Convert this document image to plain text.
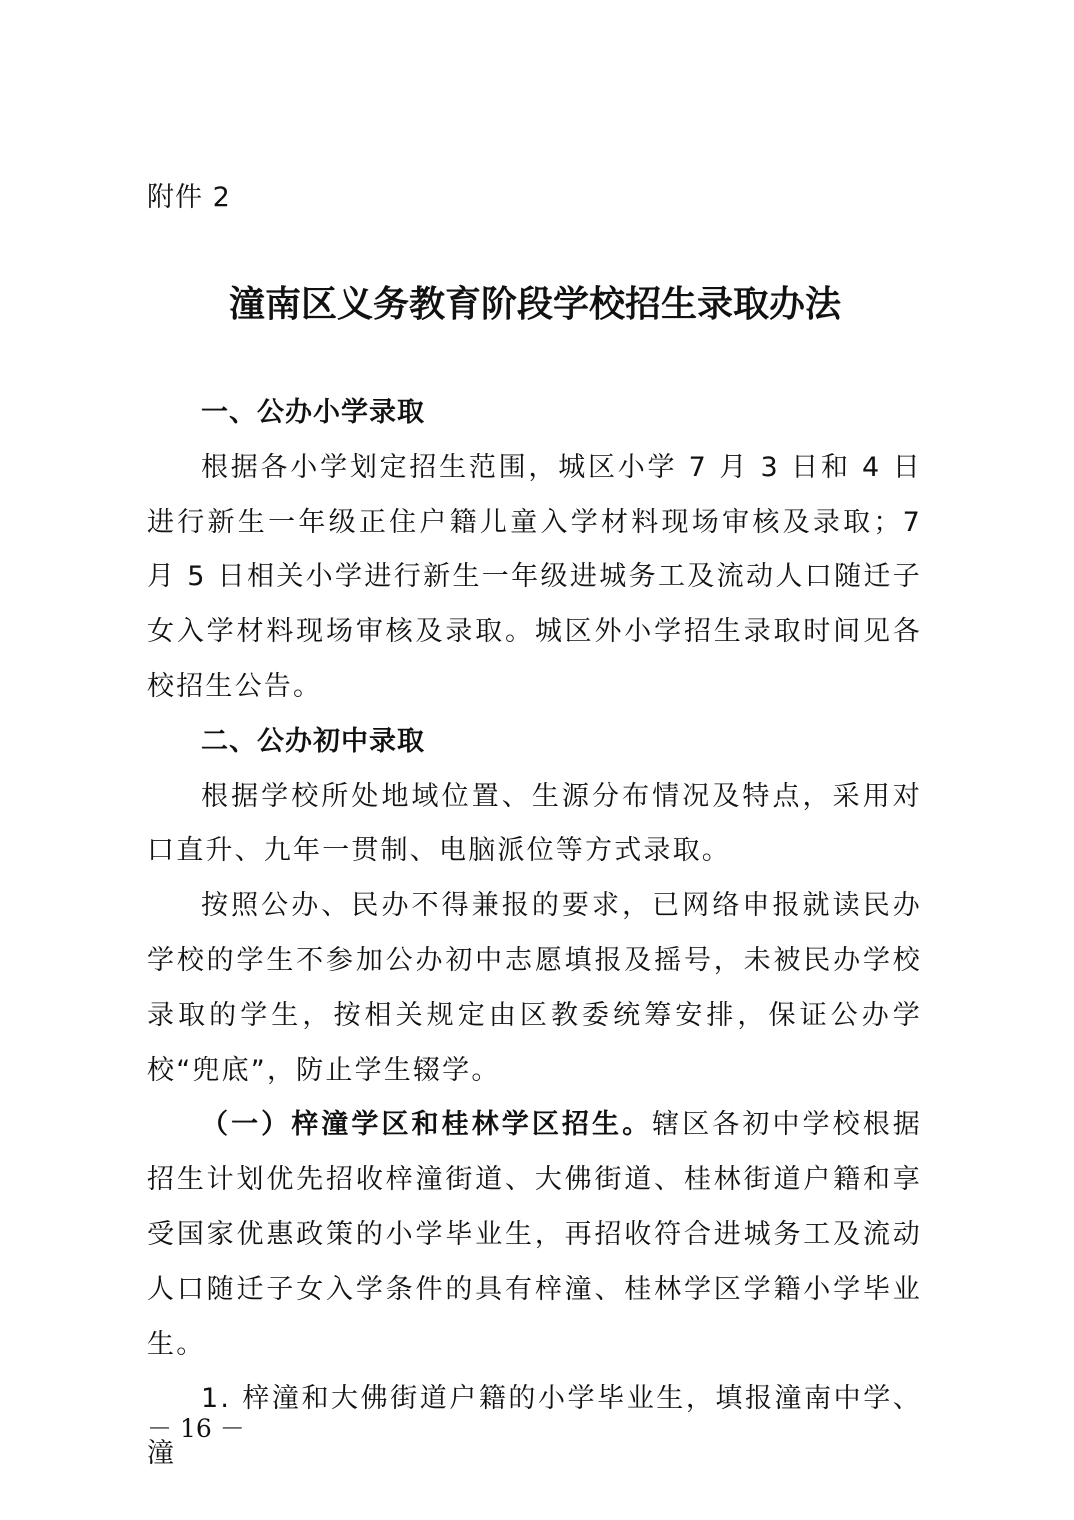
附件 2
潼南区义务教育阶段学校招生录取办法

一、公办小学录取

根据各小学划定招生范围，城区小学 7 月 3 日和 4 日进行新生一年级正住户籍儿童入学材料现场审核及录取；7 月 5 日相关小学进行新生一年级进城务工及流动人口随迁子女入学材料现场审核及录取。城区外小学招生录取时间见各校招生公告。

二、公办初中录取

根据学校所处地域位置、生源分布情况及特点，采用对口直升、九年一贯制、电脑派位等方式录取。

按照公办、民办不得兼报的要求，已网络申报就读民办学校的学生不参加公办初中志愿填报及摇号，未被民办学校录取的学生，按相关规定由区教委统筹安排，保证公办学校“兜底”，防止学生辍学。

（一）梓潼学区和桂林学区招生。辖区各初中学校根据招生计划优先招收梓潼街道、大佛街道、桂林街道户籍和享受国家优惠政策的小学毕业生，再招收符合进城务工及流动人口随迁子女入学条件的具有梓潼、桂林学区学籍小学毕业生。

1. 梓潼和大佛街道户籍的小学毕业生，填报潼南中学、潼

－ 16 －
